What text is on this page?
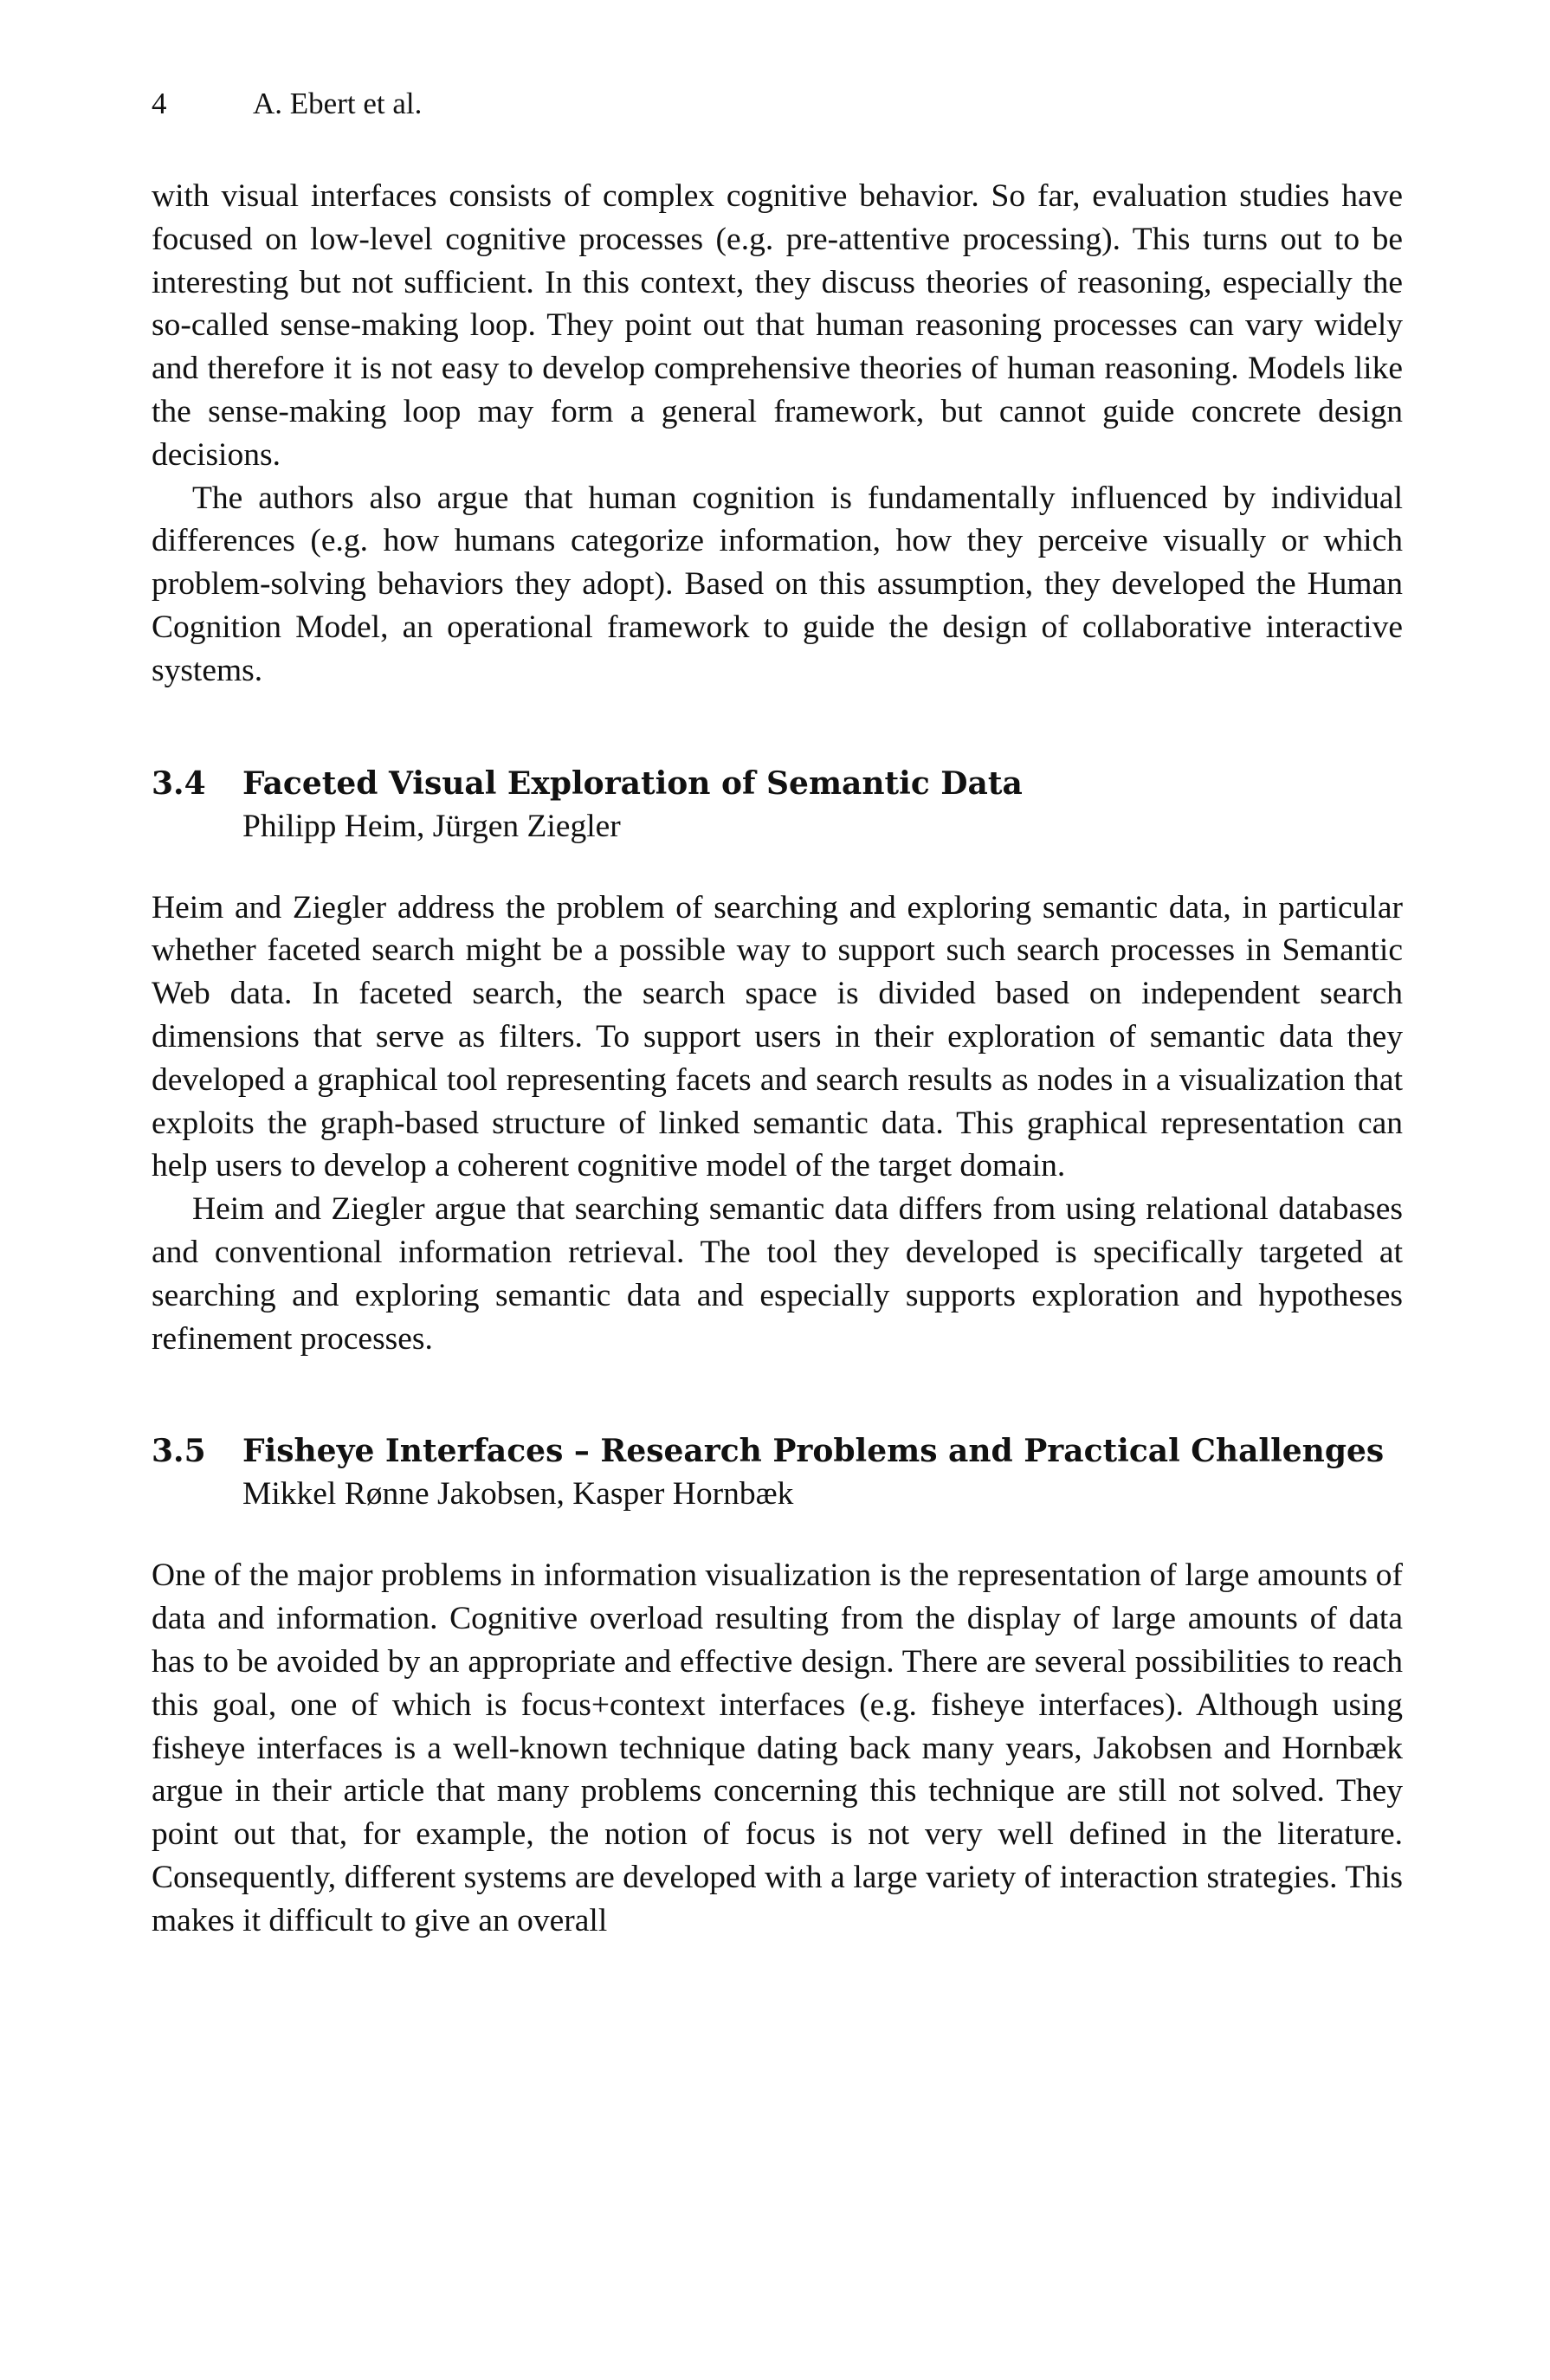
4	A. Ebert et al.

with visual interfaces consists of complex cognitive behavior. So far, evaluation studies have focused on low-level cognitive processes (e.g. pre-attentive processing). This turns out to be interesting but not sufficient. In this context, they discuss theories of reasoning, especially the so-called sense-making loop. They point out that human reasoning processes can vary widely and therefore it is not easy to develop comprehensive theories of human reasoning. Models like the sense-making loop may form a general framework, but cannot guide concrete design decisions.

The authors also argue that human cognition is fundamentally influenced by individual differences (e.g. how humans categorize information, how they perceive visually or which problem-solving behaviors they adopt). Based on this assumption, they developed the Human Cognition Model, an operational framework to guide the design of collaborative interactive systems.

3.4	Faceted Visual Exploration of Semantic Data
Philipp Heim, Jürgen Ziegler

Heim and Ziegler address the problem of searching and exploring semantic data, in particular whether faceted search might be a possible way to support such search processes in Semantic Web data. In faceted search, the search space is divided based on independent search dimensions that serve as filters. To support users in their exploration of semantic data they developed a graphical tool representing facets and search results as nodes in a visualization that exploits the graph-based structure of linked semantic data. This graphical representation can help users to develop a coherent cognitive model of the target domain.

Heim and Ziegler argue that searching semantic data differs from using relational databases and conventional information retrieval. The tool they developed is specifically targeted at searching and exploring semantic data and especially supports exploration and hypotheses refinement processes.

3.5	Fisheye Interfaces – Research Problems and Practical Challenges
Mikkel Rønne Jakobsen, Kasper Hornbæk

One of the major problems in information visualization is the representation of large amounts of data and information. Cognitive overload resulting from the display of large amounts of data has to be avoided by an appropriate and effective design. There are several possibilities to reach this goal, one of which is focus+context interfaces (e.g. fisheye interfaces). Although using fisheye interfaces is a well-known technique dating back many years, Jakobsen and Hornbæk argue in their article that many problems concerning this technique are still not solved. They point out that, for example, the notion of focus is not very well defined in the literature. Consequently, different systems are developed with a large variety of interaction strategies. This makes it difficult to give an overall
